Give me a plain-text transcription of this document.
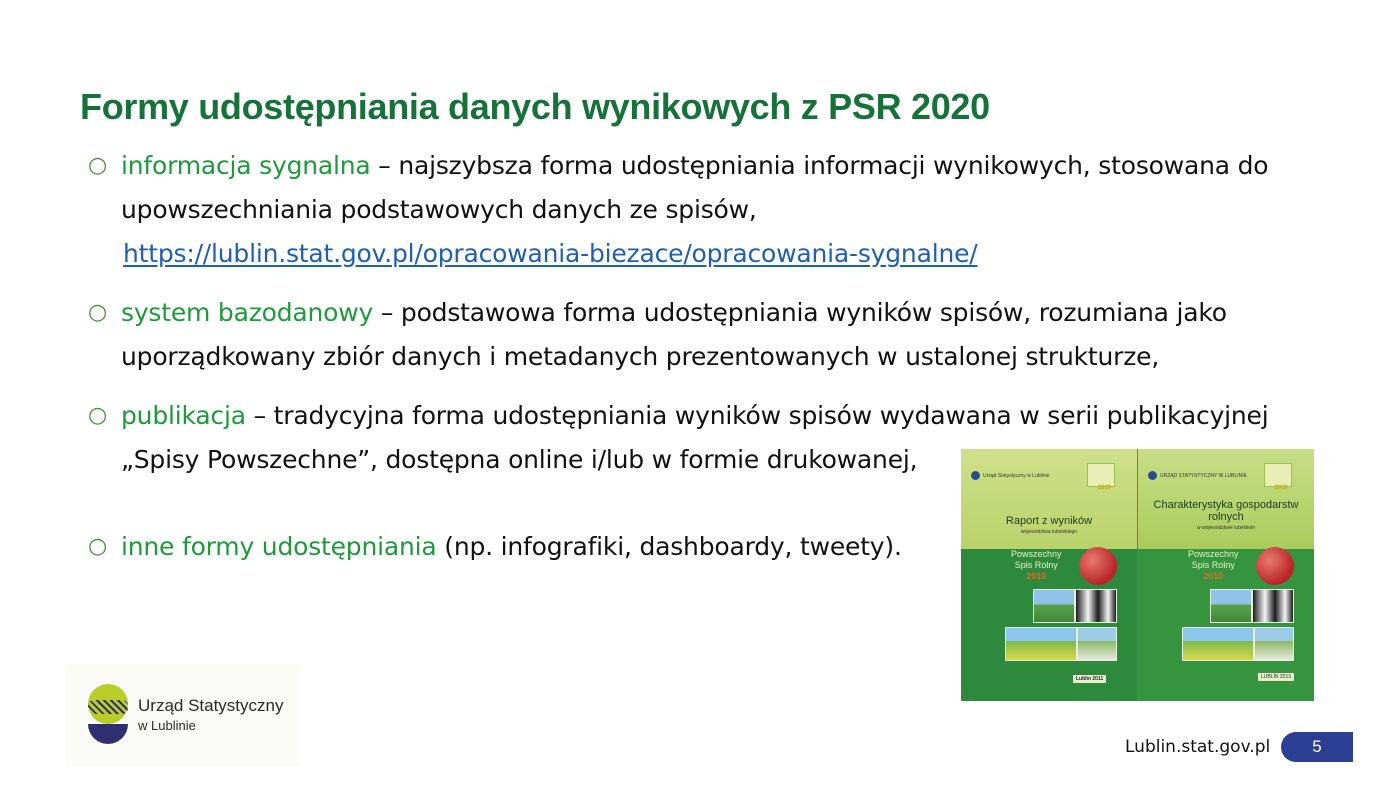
Formy udostępniania danych wynikowych z PSR 2020
○ informacja sygnalna – najszybsza forma udostępniania informacji wynikowych, stosowana do upowszechniania podstawowych danych ze spisów,
https://lublin.stat.gov.pl/opracowania-biezace/opracowania-sygnalne/
○ system bazodanowy – podstawowa forma udostępniania wyników spisów, rozumiana jako uporządkowany zbiór danych i metadanych prezentowanych w ustalonej strukturze,
○ publikacja – tradycyjna forma udostępniania wyników spisów wydawana w serii publikacyjnej „Spisy Powszechne”, dostępna online i/lub w formie drukowanej,
○ inne formy udostępniania (np. infografiki, dashboardy, tweety).
Urząd Statystyczny w Lublinie
2010
Raport z wyników
województwa lubelskiego
Powszechny
Spis Rolny
2010
Lublin 2011
URZĄD STATYSTYCZNY W LUBLINIE
2010
Charakterystyka gospodarstw rolnych
w województwie lubelskim
Powszechny
Spis Rolny
2010
LUBLIN 2013
Urząd Statystyczny
w Lublinie
Lublin.stat.gov.pl	5
